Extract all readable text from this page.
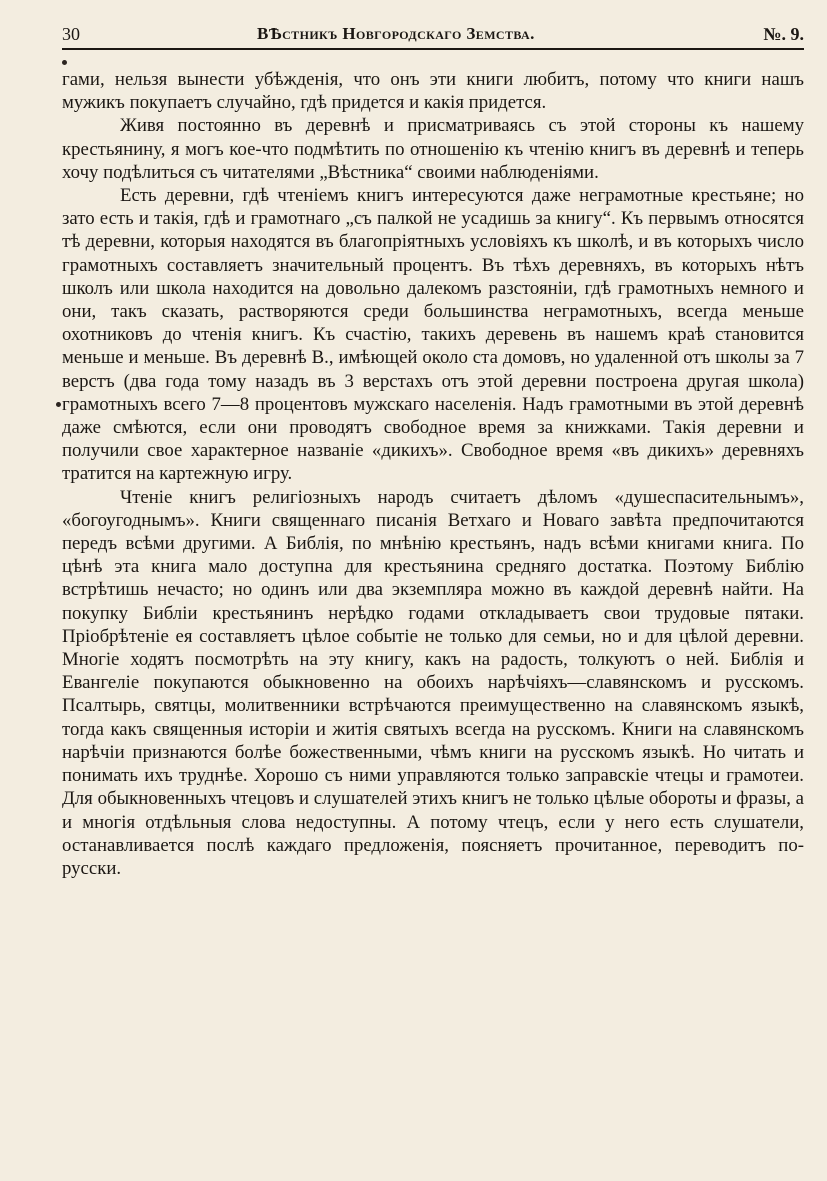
30	ВѢстникъ Новгородскаго Земства.	№. 9.

гами, нельзя вынести убѣжденія, что онъ эти книги любитъ, потому что книги нашъ мужикъ покупаетъ случайно, гдѣ придется и какія придется.

Живя постоянно въ деревнѣ и присматриваясь съ этой стороны къ нашему крестьянину, я могъ кое-что подмѣтить по отношенію къ чтенію книгъ въ деревнѣ и теперь хочу подѣлиться съ читателями „Вѣстника“ своими наблюденіями.

Есть деревни, гдѣ чтеніемъ книгъ интересуются даже неграмотные крестьяне; но зато есть и такія, гдѣ и грамотнаго „съ палкой не усадишь за книгу“. Къ первымъ относятся тѣ деревни, которыя находятся въ благопріятныхъ условіяхъ къ школѣ, и въ которыхъ число грамотныхъ составляетъ значительный процентъ. Въ тѣхъ деревняхъ, въ которыхъ нѣтъ школъ или школа находится на довольно далекомъ разстояніи, гдѣ грамотныхъ немного и они, такъ сказать, растворяются среди большинства неграмотныхъ, всегда меньше охотниковъ до чтенія книгъ. Къ счастію, такихъ деревень въ нашемъ краѣ становится меньше и меньше. Въ деревнѣ В., имѣющей около ста домовъ, но удаленной отъ школы за 7 верстъ (два года тому назадъ въ 3 верстахъ отъ этой деревни построена другая школа) грамотныхъ всего 7—8 процентовъ мужскаго населенія. Надъ грамотными въ этой деревнѣ даже смѣются, если они проводятъ свободное время за книжками. Такія деревни и получили свое характерное названіе «дикихъ». Свободное время «въ дикихъ» деревняхъ тратится на картежную игру.

Чтеніе книгъ религіозныхъ народъ считаетъ дѣломъ «душеспасительнымъ», «богоугоднымъ». Книги священнаго писанія Ветхаго и Новаго завѣта предпочитаются передъ всѣми другими. А Библія, по мнѣнію крестьянъ, надъ всѣми книгами книга. По цѣнѣ эта книга мало доступна для крестьянина средняго достатка. Поэтому Библію встрѣтишь нечасто; но одинъ или два экземпляра можно въ каждой деревнѣ найти. На покупку Библіи крестьянинъ нерѣдко годами откладываетъ свои трудовые пятаки. Пріобрѣтеніе ея составляетъ цѣлое событіе не только для семьи, но и для цѣлой деревни. Многіе ходятъ посмотрѣть на эту книгу, какъ на радость, толкуютъ о ней. Библія и Евангеліе покупаются обыкновенно на обоихъ нарѣчіяхъ—славянскомъ и русскомъ. Псалтырь, святцы, молитвенники встрѣчаются преимущественно на славянскомъ языкѣ, тогда какъ священныя исторіи и житія святыхъ всегда на русскомъ. Книги на славянскомъ нарѣчіи признаются болѣе божественными, чѣмъ книги на русскомъ языкѣ. Но читать и понимать ихъ труднѣе. Хорошо съ ними управляются только заправскіе чтецы и грамотеи. Для обыкновенныхъ чтецовъ и слушателей этихъ книгъ не только цѣлые обороты и фразы, а и многія отдѣльныя слова недоступны. А потому чтецъ, если у него есть слушатели, останавливается послѣ каждаго предложенія, поясняетъ прочитанное, переводитъ по-русски.
